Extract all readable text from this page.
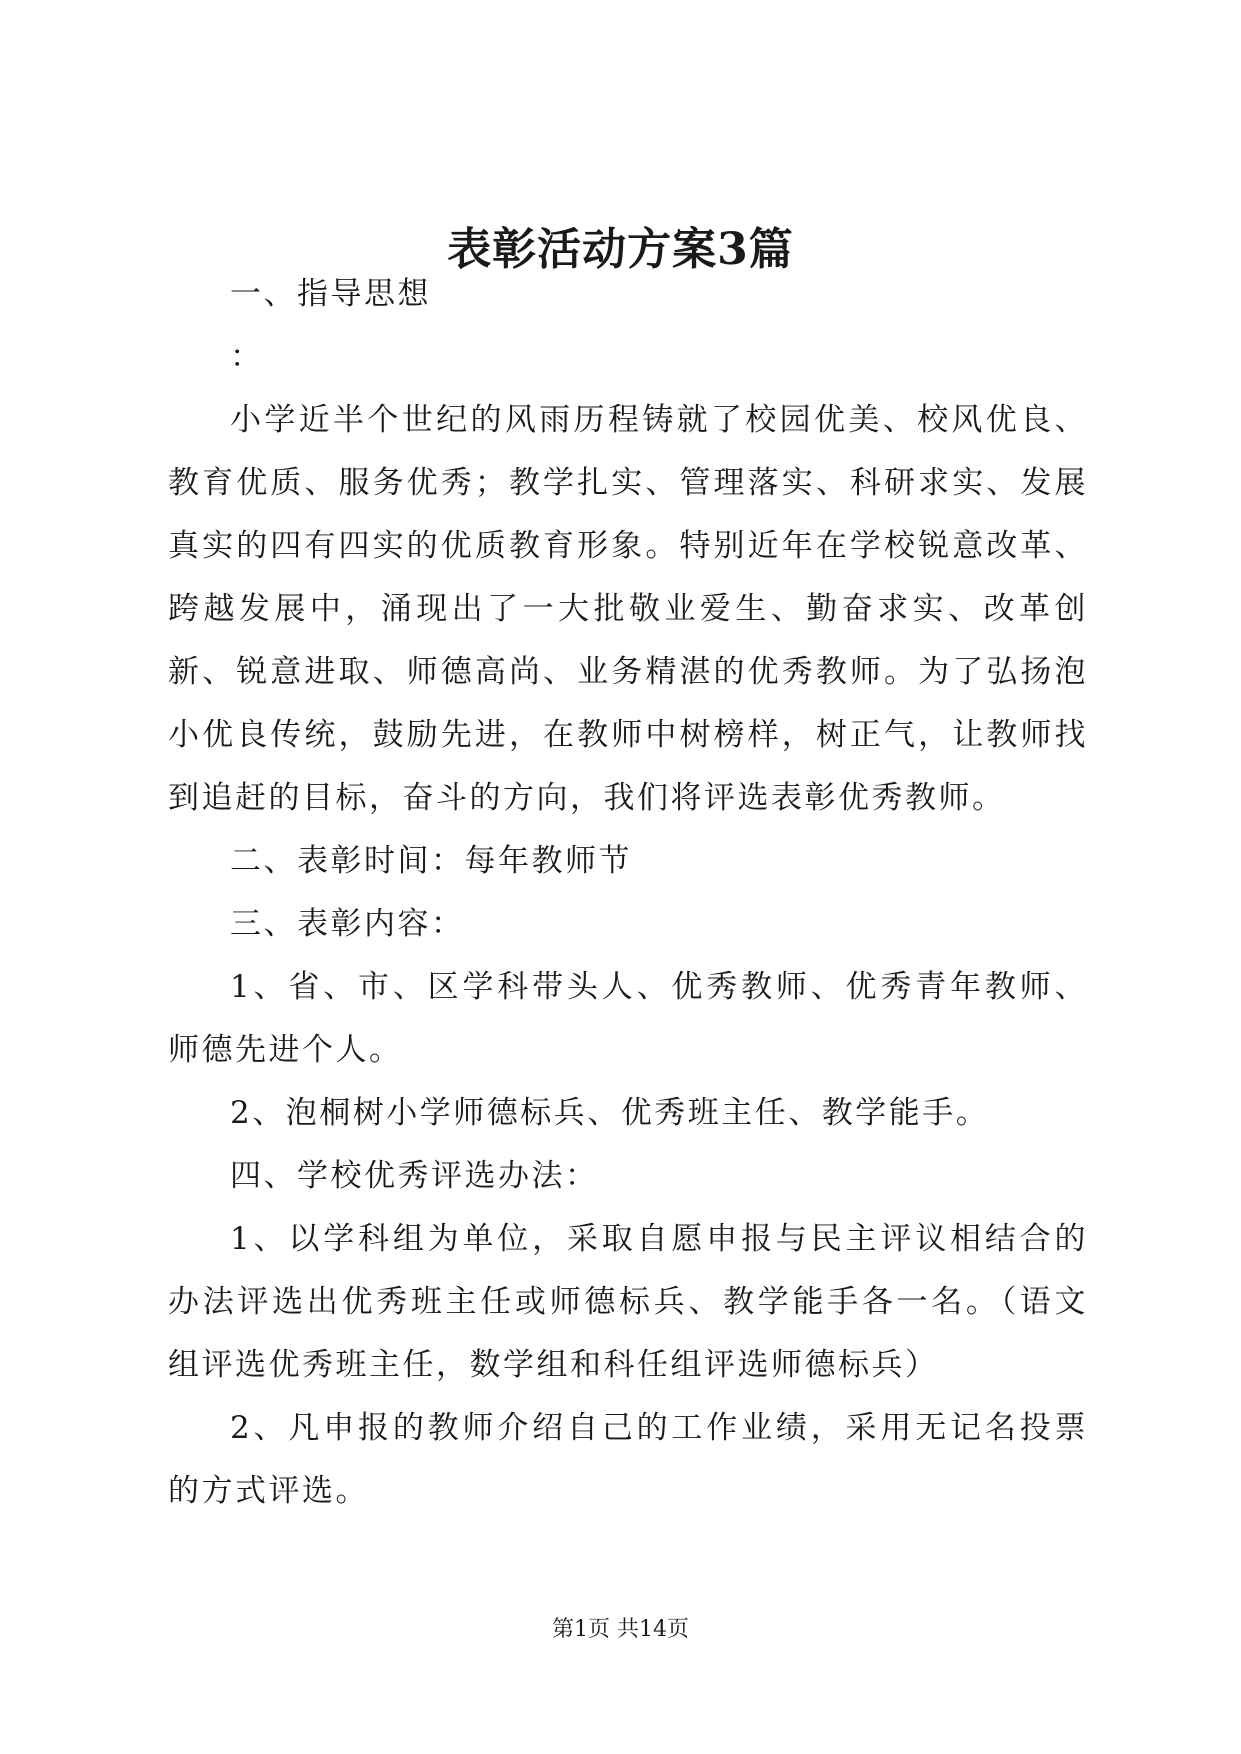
表彰活动方案3篇

一、指导思想

：

小学近半个世纪的风雨历程铸就了校园优美、校风优良、教育优质、服务优秀；教学扎实、管理落实、科研求实、发展真实的四有四实的优质教育形象。特别近年在学校锐意改革、跨越发展中，涌现出了一大批敬业爱生、勤奋求实、改革创新、锐意进取、师德高尚、业务精湛的优秀教师。为了弘扬泡小优良传统，鼓励先进，在教师中树榜样，树正气，让教师找到追赶的目标，奋斗的方向，我们将评选表彰优秀教师。

二、表彰时间：每年教师节

三、表彰内容：

1、省、市、区学科带头人、优秀教师、优秀青年教师、师德先进个人。

2、泡桐树小学师德标兵、优秀班主任、教学能手。

四、学校优秀评选办法：

1、以学科组为单位，采取自愿申报与民主评议相结合的办法评选出优秀班主任或师德标兵、教学能手各一名。（语文组评选优秀班主任，数学组和科任组评选师德标兵）

2、凡申报的教师介绍自己的工作业绩，采用无记名投票的方式评选。

第1页 共14页
